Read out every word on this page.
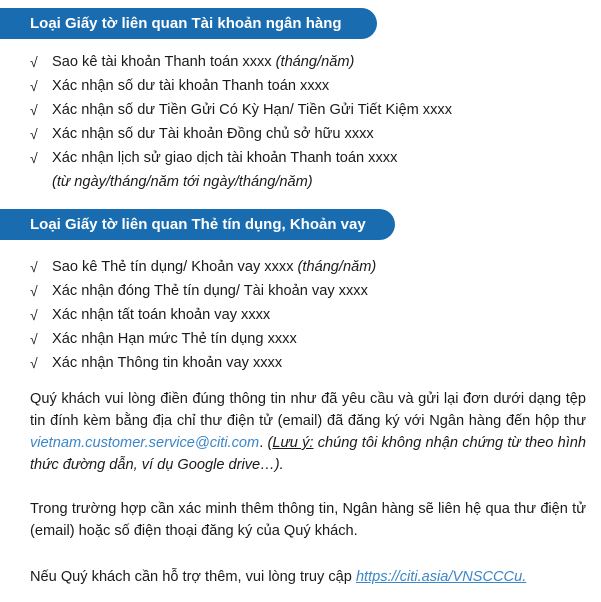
Loại Giấy tờ liên quan Tài khoản ngân hàng
√ Sao kê tài khoản Thanh toán xxxx (tháng/năm)
√ Xác nhận số dư tài khoản Thanh toán xxxx
√ Xác nhận số dư Tiền Gửi Có Kỳ Hạn/ Tiền Gửi Tiết Kiệm xxxx
√ Xác nhận số dư Tài khoản Đồng chủ sở hữu xxxx
√ Xác nhận lịch sử giao dịch tài khoản Thanh toán xxxx
(từ ngày/tháng/năm tới ngày/tháng/năm)
Loại Giấy tờ liên quan Thẻ tín dụng, Khoản vay
√ Sao kê Thẻ tín dụng/ Khoản vay xxxx (tháng/năm)
√ Xác nhận đóng Thẻ tín dụng/ Tài khoản vay xxxx
√ Xác nhận tất toán khoản vay xxxx
√ Xác nhận Hạn mức Thẻ tín dụng xxxx
√ Xác nhận Thông tin khoản vay xxxx

Quý khách vui lòng điền đúng thông tin như đã yêu cầu và gửi lại đơn dưới dạng tệp tin đính kèm bằng địa chỉ thư điện tử (email) đã đăng ký với Ngân hàng đến hộp thư vietnam.customer.service@citi.com. (Lưu ý: chúng tôi không nhận chứng từ theo hình thức đường dẫn, ví dụ Google drive…).

Trong trường hợp cần xác minh thêm thông tin, Ngân hàng sẽ liên hệ qua thư điện tử (email) hoặc số điện thoại đăng ký của Quý khách.

Nếu Quý khách cần hỗ trợ thêm, vui lòng truy cập https://citi.asia/VNSCCCu.
